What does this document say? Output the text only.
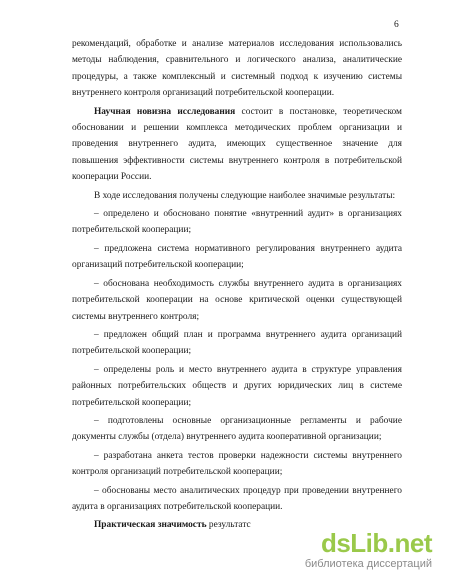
6

рекомендаций, обработке и анализе материалов исследования использовались методы наблюдения, сравнительного и логического анализа, аналитические процедуры, а также комплексный и системный подход к изучению системы внутреннего контроля организаций потребительской кооперации.

Научная новизна исследования состоит в постановке, теоретическом обосновании и решении комплекса методических проблем организации и проведения внутреннего аудита, имеющих существенное значение для повышения эффективности системы внутреннего контроля в потребительской кооперации России.

В ходе исследования получены следующие наиболее значимые результаты:

– определено и обосновано понятие «внутренний аудит» в организациях потребительской кооперации;

– предложена система нормативного регулирования внутреннего аудита организаций потребительской кооперации;

– обоснована необходимость службы внутреннего аудита в организациях потребительской кооперации на основе критической оценки существующей системы внутреннего контроля;

– предложен общий план и программа внутреннего аудита организаций потребительской кооперации;

– определены роль и место внутреннего аудита в структуре управления районных потребительских обществ и других юридических лиц в системе потребительской кооперации;

– подготовлены основные организационные регламенты и рабочие документы службы (отдела) внутреннего аудита кооперативной организации;

– разработана анкета тестов проверки надежности системы внутреннего контроля организаций потребительской кооперации;

– обоснованы место аналитических процедур при проведении внутреннего аудита в организациях потребительской кооперации.

Практическая значимость результатс

dsLib.net
библиотека диссертаций
